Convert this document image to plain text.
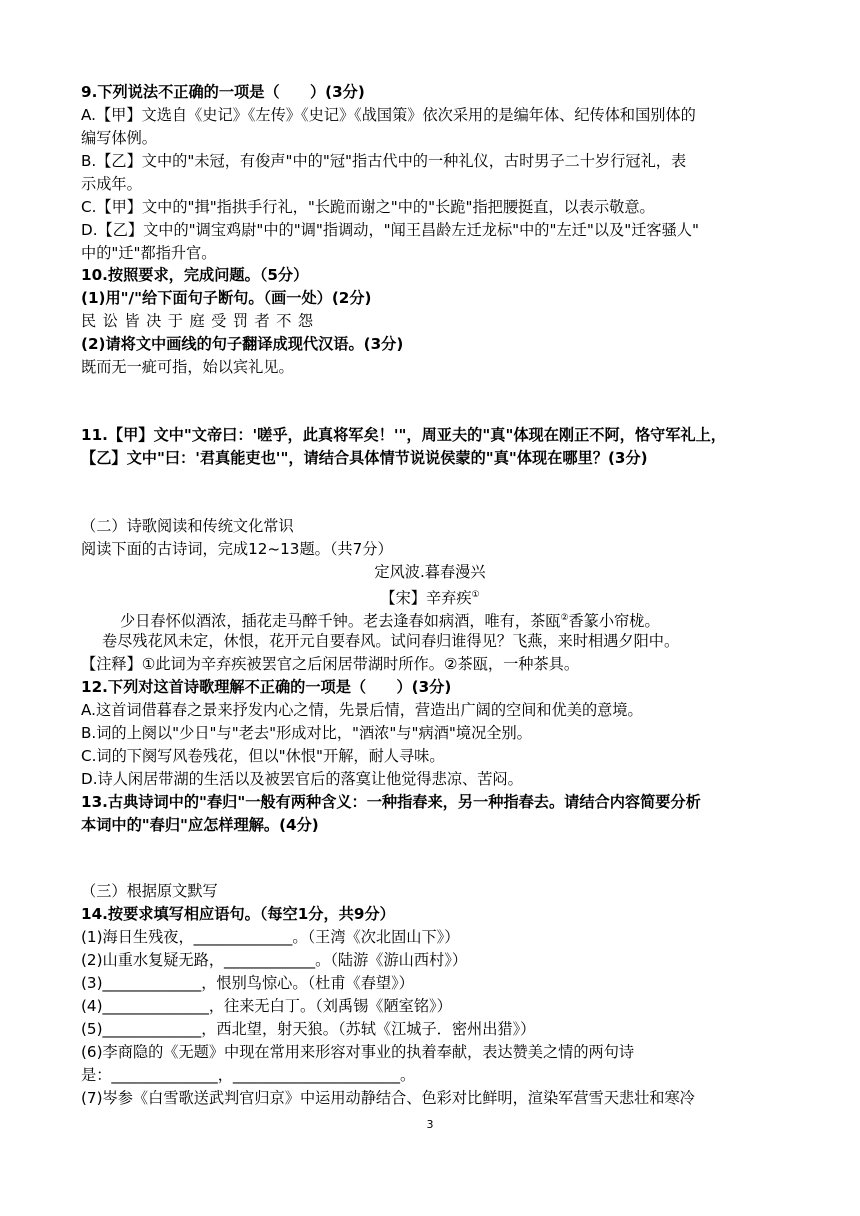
9.下列说法不正确的一项是（　　）(3分)
A.【甲】文选自《史记》《左传》《史记》《战国策》依次采用的是编年体、纪传体和国别体的
编写体例。
B.【乙】文中的"未冠，有俊声"中的"冠"指古代中的一种礼仪，古时男子二十岁行冠礼，表
示成年。
C.【甲】文中的"揖"指拱手行礼，"长跪而谢之"中的"长跪"指把腰挺直，以表示敬意。
D.【乙】文中的"调宝鸡尉"中的"调"指调动，"闻王昌龄左迁龙标"中的"左迁"以及"迁客骚人"
中的"迁"都指升官。
10.按照要求，完成问题。（5分）
(1)用"/"给下面句子断句。（画一处）(2分)
民讼皆决于庭受罚者不怨
(2)请将文中画线的句子翻译成现代汉语。(3分)
既而无一疵可指，始以宾礼见。
11.【甲】文中"文帝曰：'嗟乎，此真将军矣！'"，周亚夫的"真"体现在刚正不阿，恪守军礼上，
【乙】文中"曰：'君真能吏也'"，请结合具体情节说说侯蒙的"真"体现在哪里？(3分)
（二）诗歌阅读和传统文化常识
阅读下面的古诗词，完成12~13题。（共7分）
定风波.暮春漫兴
【宋】辛弃疾①
少日春怀似酒浓，插花走马醉千钟。老去逢春如病酒，唯有，茶瓯②香篆小帘栊。
卷尽残花风未定，休恨，花开元自要春风。试问春归谁得见？飞燕，来时相遇夕阳中。
【注释】①此词为辛弃疾被罢官之后闲居带湖时所作。②茶瓯，一种茶具。
12.下列对这首诗歌理解不正确的一项是（　　）(3分)
A.这首词借暮春之景来抒发内心之情，先景后情，营造出广阔的空间和优美的意境。
B.词的上阕以"少日"与"老去"形成对比，"酒浓"与"病酒"境况全别。
C.词的下阕写风卷残花，但以"休恨"开解，耐人寻味。
D.诗人闲居带湖的生活以及被罢官后的落寞让他觉得悲凉、苦闷。
13.古典诗词中的"春归"一般有两种含义：一种指春来，另一种指春去。请结合内容简要分析
本词中的"春归"应怎样理解。(4分)
（三）根据原文默写
14.按要求填写相应语句。（每空1分，共9分）
(1)海日生残夜，_____________。（王湾《次北固山下》）
(2)山重水复疑无路，____________。（陆游《游山西村》）
(3)_____________，恨别鸟惊心。（杜甫《春望》）
(4)______________，往来无白丁。（刘禹锡《陋室铭》）
(5)_____________，西北望，射天狼。（苏轼《江城子．密州出猎》）
(6)李商隐的《无题》中现在常用来形容对事业的执着奉献，表达赞美之情的两句诗
是：______________，______________________。
(7)岑参《白雪歌送武判官归京》中运用动静结合、色彩对比鲜明，渲染军营雪天悲壮和寒冷
3
